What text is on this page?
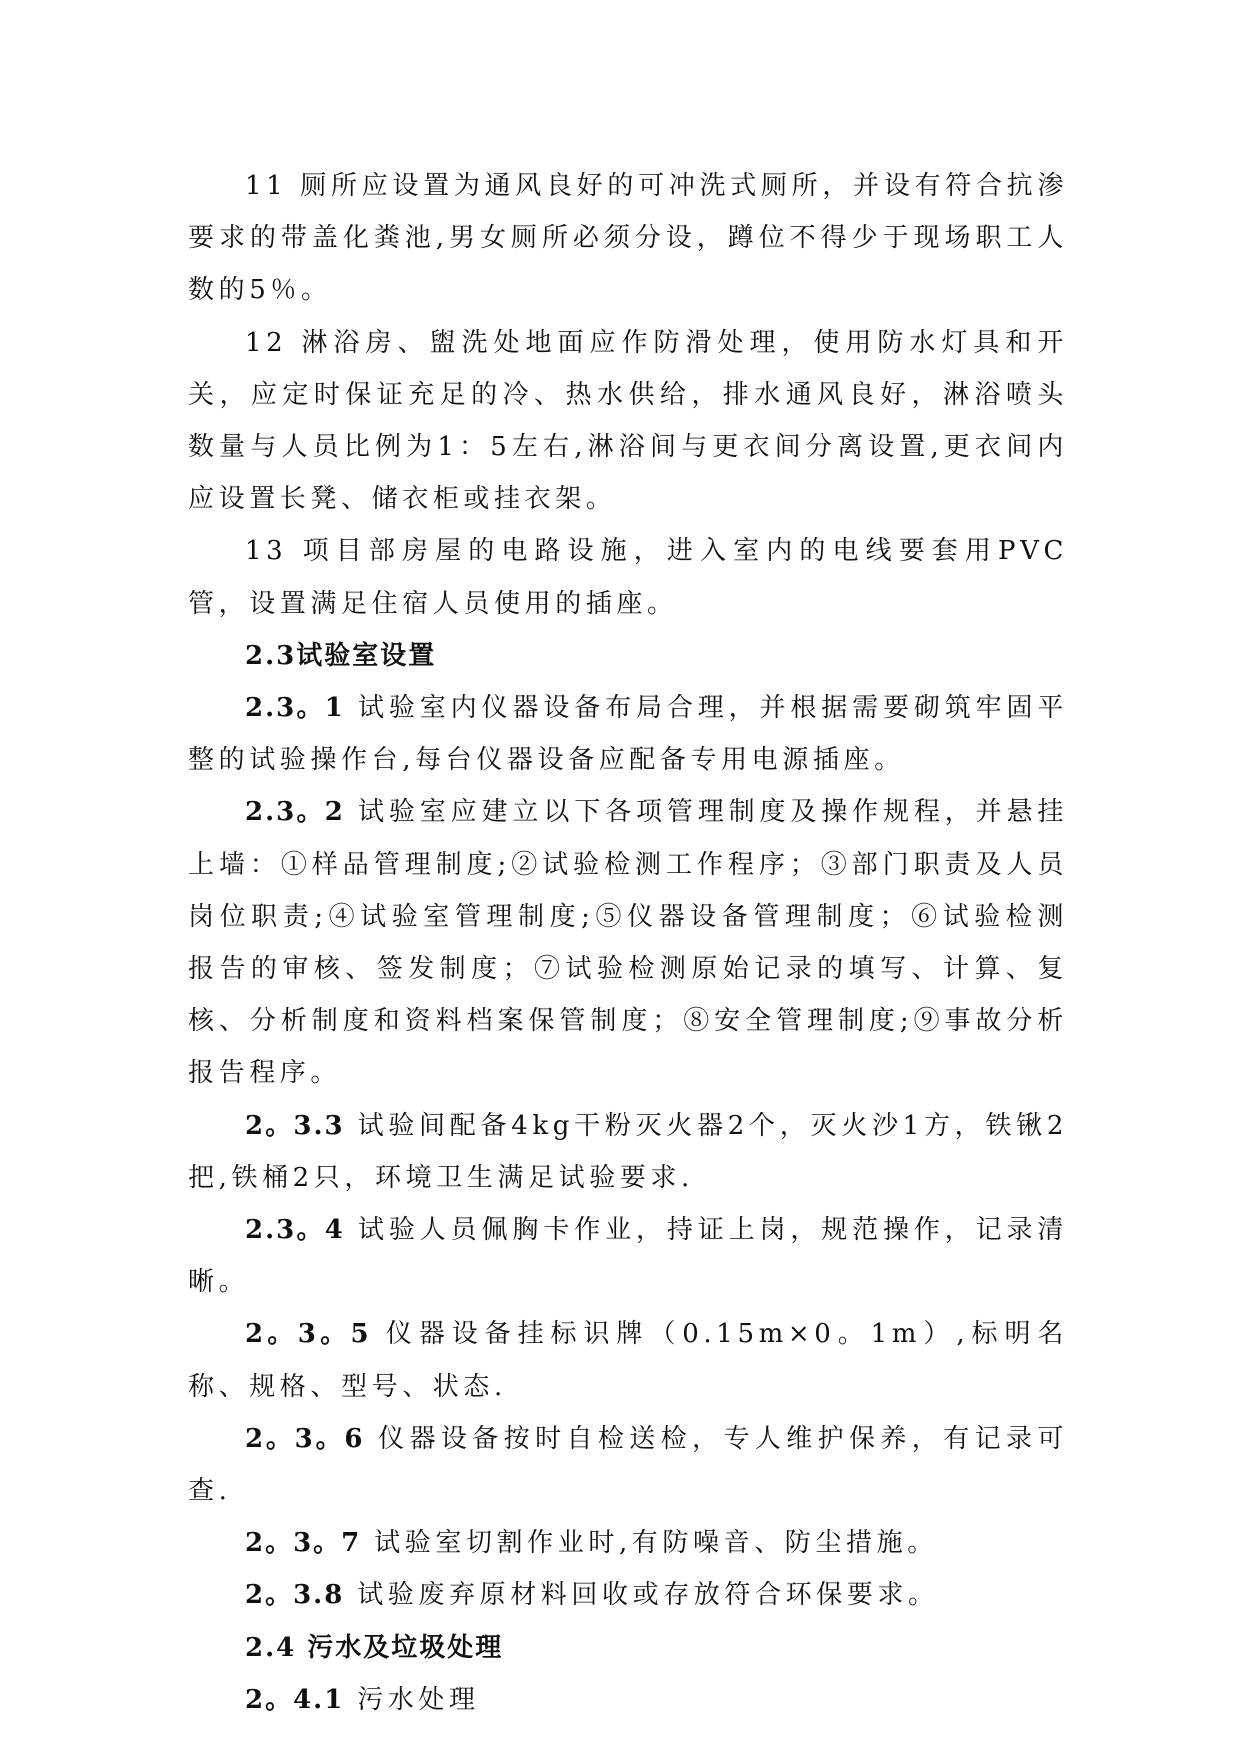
11 厕所应设置为通风良好的可冲洗式厕所，并设有符合抗渗要求的带盖化粪池,男女厕所必须分设，蹲位不得少于现场职工人数的5％。

12 淋浴房、盥洗处地面应作防滑处理，使用防水灯具和开关，应定时保证充足的冷、热水供给，排水通风良好，淋浴喷头数量与人员比例为1：5左右,淋浴间与更衣间分离设置,更衣间内应设置长凳、储衣柜或挂衣架。

13 项目部房屋的电路设施，进入室内的电线要套用PVC管，设置满足住宿人员使用的插座。

2.3试验室设置

2.3。1 试验室内仪器设备布局合理，并根据需要砌筑牢固平整的试验操作台,每台仪器设备应配备专用电源插座。

2.3。2 试验室应建立以下各项管理制度及操作规程，并悬挂上墙：①样品管理制度;②试验检测工作程序；③部门职责及人员岗位职责;④试验室管理制度;⑤仪器设备管理制度；⑥试验检测报告的审核、签发制度；⑦试验检测原始记录的填写、计算、复核、分析制度和资料档案保管制度；⑧安全管理制度;⑨事故分析报告程序。

2。3.3 试验间配备4kg干粉灭火器2个，灭火沙1方，铁锹2把,铁桶2只，环境卫生满足试验要求.

2.3。4 试验人员佩胸卡作业，持证上岗，规范操作，记录清晰。

2。3。5 仪器设备挂标识牌（0.15m×0。1m）,标明名称、规格、型号、状态.

2。3。6 仪器设备按时自检送检，专人维护保养，有记录可查.

2。3。7 试验室切割作业时,有防噪音、防尘措施。

2。3.8 试验废弃原材料回收或存放符合环保要求。

2.4 污水及垃圾处理

2。4.1 污水处理
